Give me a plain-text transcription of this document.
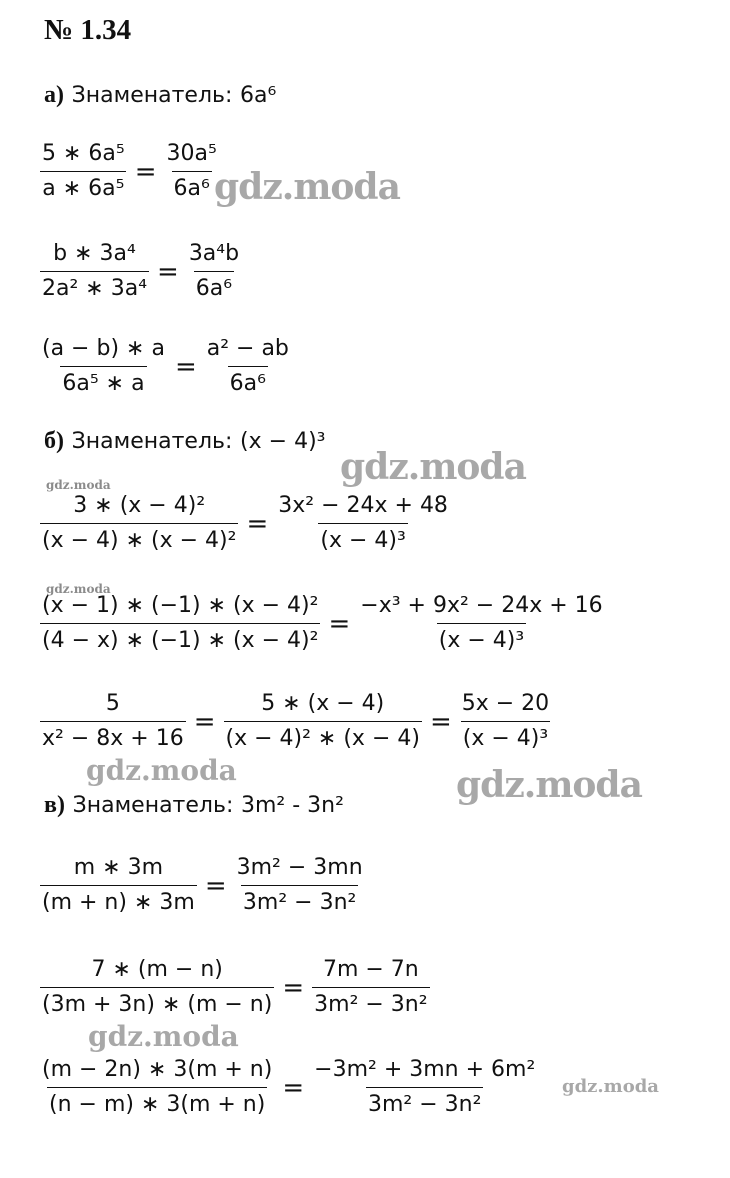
№ 1.34
а) Знаменатель: 6a⁶
$\frac{\text{5 ∗ 6a⁵}}{\text{a ∗ 6a⁵}} = \frac{\text{30a⁵}}{\text{6a⁶}}$
$\frac{\text{b ∗ 3a⁴}}{\text{2a² ∗ 3a⁴}} = \frac{\text{3a⁴b}}{\text{6a⁶}}$
$\frac{(a - b) ∗ a}{\text{6a⁵ ∗ a}} = \frac{\text{a² − ab}}{\text{6a⁶}}$
б) Знаменатель: (x − 4)³
$\frac{\text{3 ∗ (x − 4)²}}{\text{(x − 4) ∗ (x − 4)²}} = \frac{\text{3x² − 24x + 48}}{\text{(x − 4)³}}$
$\frac{\text{(x − 1) ∗ (−1) ∗ (x − 4)²}}{\text{(4 − x) ∗ (−1) ∗ (x − 4)²}} = \frac{\text{−x³ + 9x² − 24x + 16}}{\text{(x − 4)³}}$
$\frac{5}{\text{x² − 8x + 16}} = \frac{5 ∗ (x - 4)}{\text{(x − 4)² ∗ (x − 4)}} = \frac{5x - 20}{\text{(x − 4)³}}$
в) Знаменатель: 3m² - 3n²
$\frac{m ∗ 3m}{(m + n) ∗ 3m} = \frac{\text{3m² − 3mn}}{\text{3m² − 3n²}}$
$\frac{7 ∗ (m - n)}{(3m + 3n) ∗ (m - n)} = \frac{7m - 7n}{\text{3m² − 3n²}}$
$\frac{(m - 2n) ∗ 3(m + n)}{(n - m) ∗ 3(m + n)} = \frac{\text{−3m² + 3mn + 6m²}}{\text{3m² − 3n²}}$
gdz.moda
gdz.moda
gdz.moda
gdz.moda
gdz.moda	gdz.moda
gdz.moda
gdz.moda
